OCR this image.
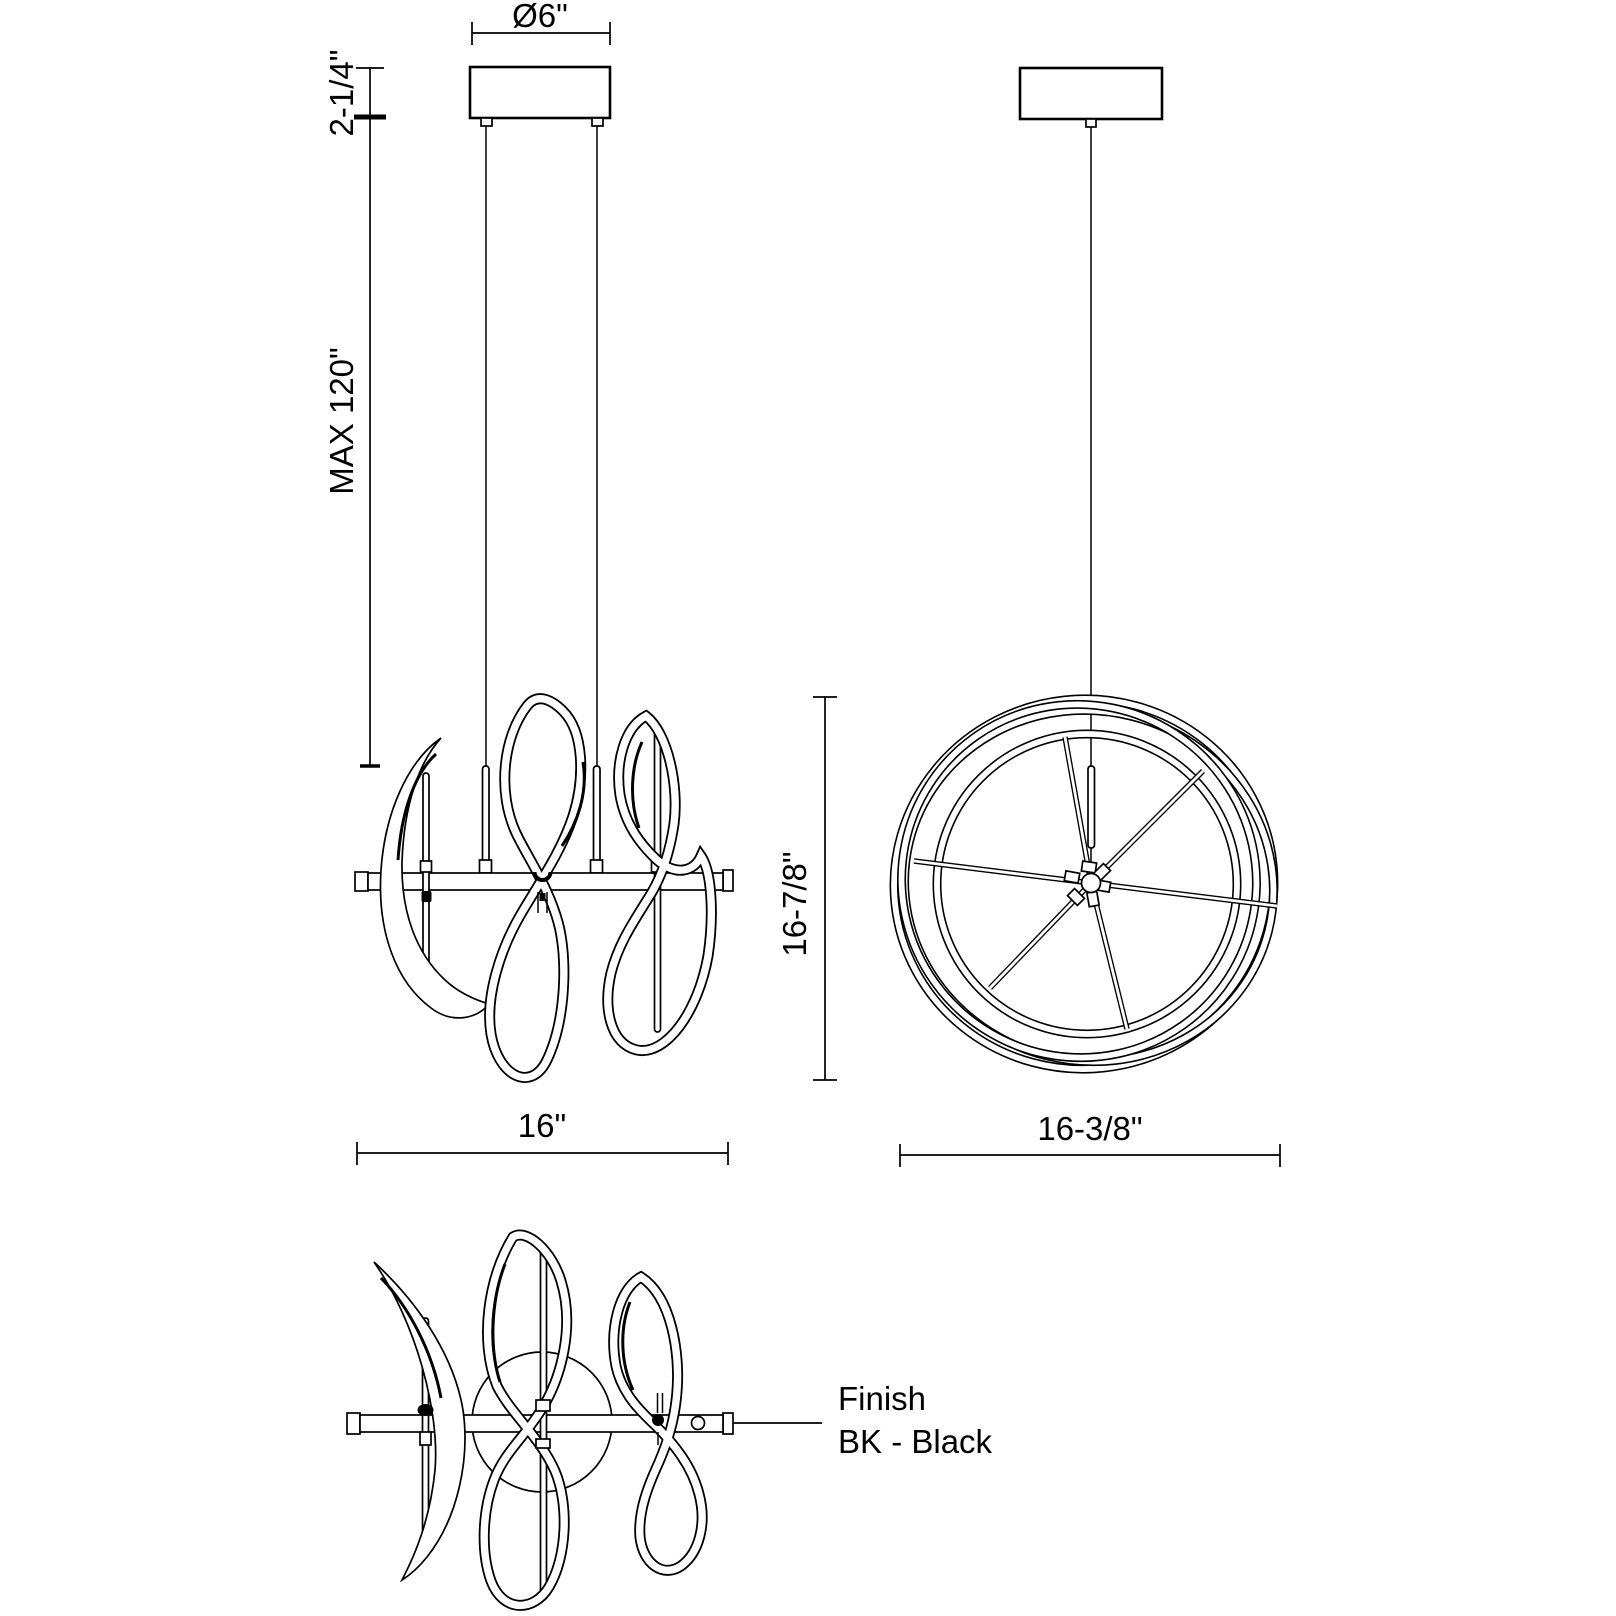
Ø6"
2-1/4"
MAX 120"
16-7/8"
16"	16-3/8"
Finish
BK - Black
